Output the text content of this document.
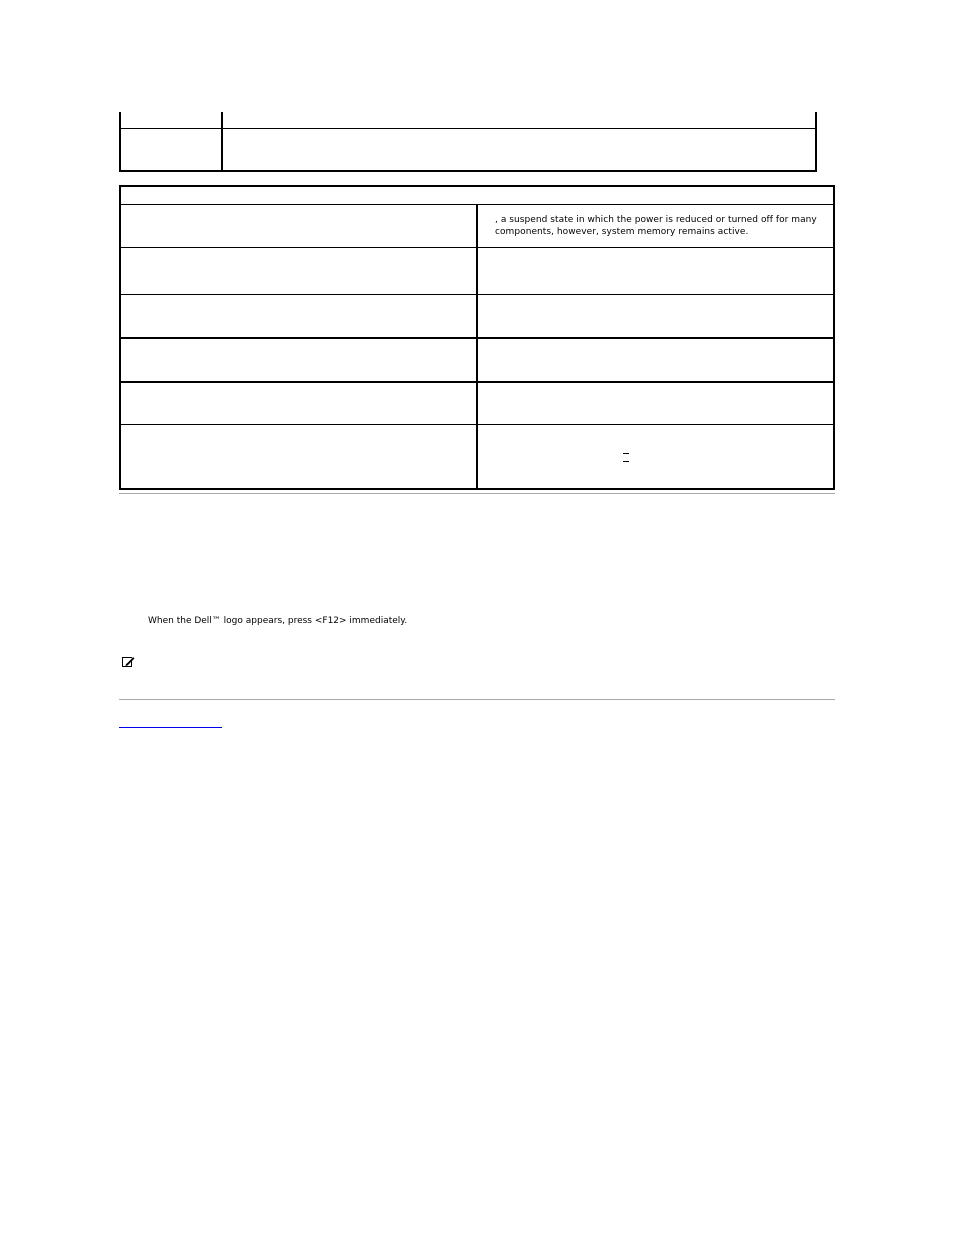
	, a suspend state in which the power is reduced or turned off for many components, however, system memory remains active.

When the Dell™ logo appears, press <F12> immediately.
